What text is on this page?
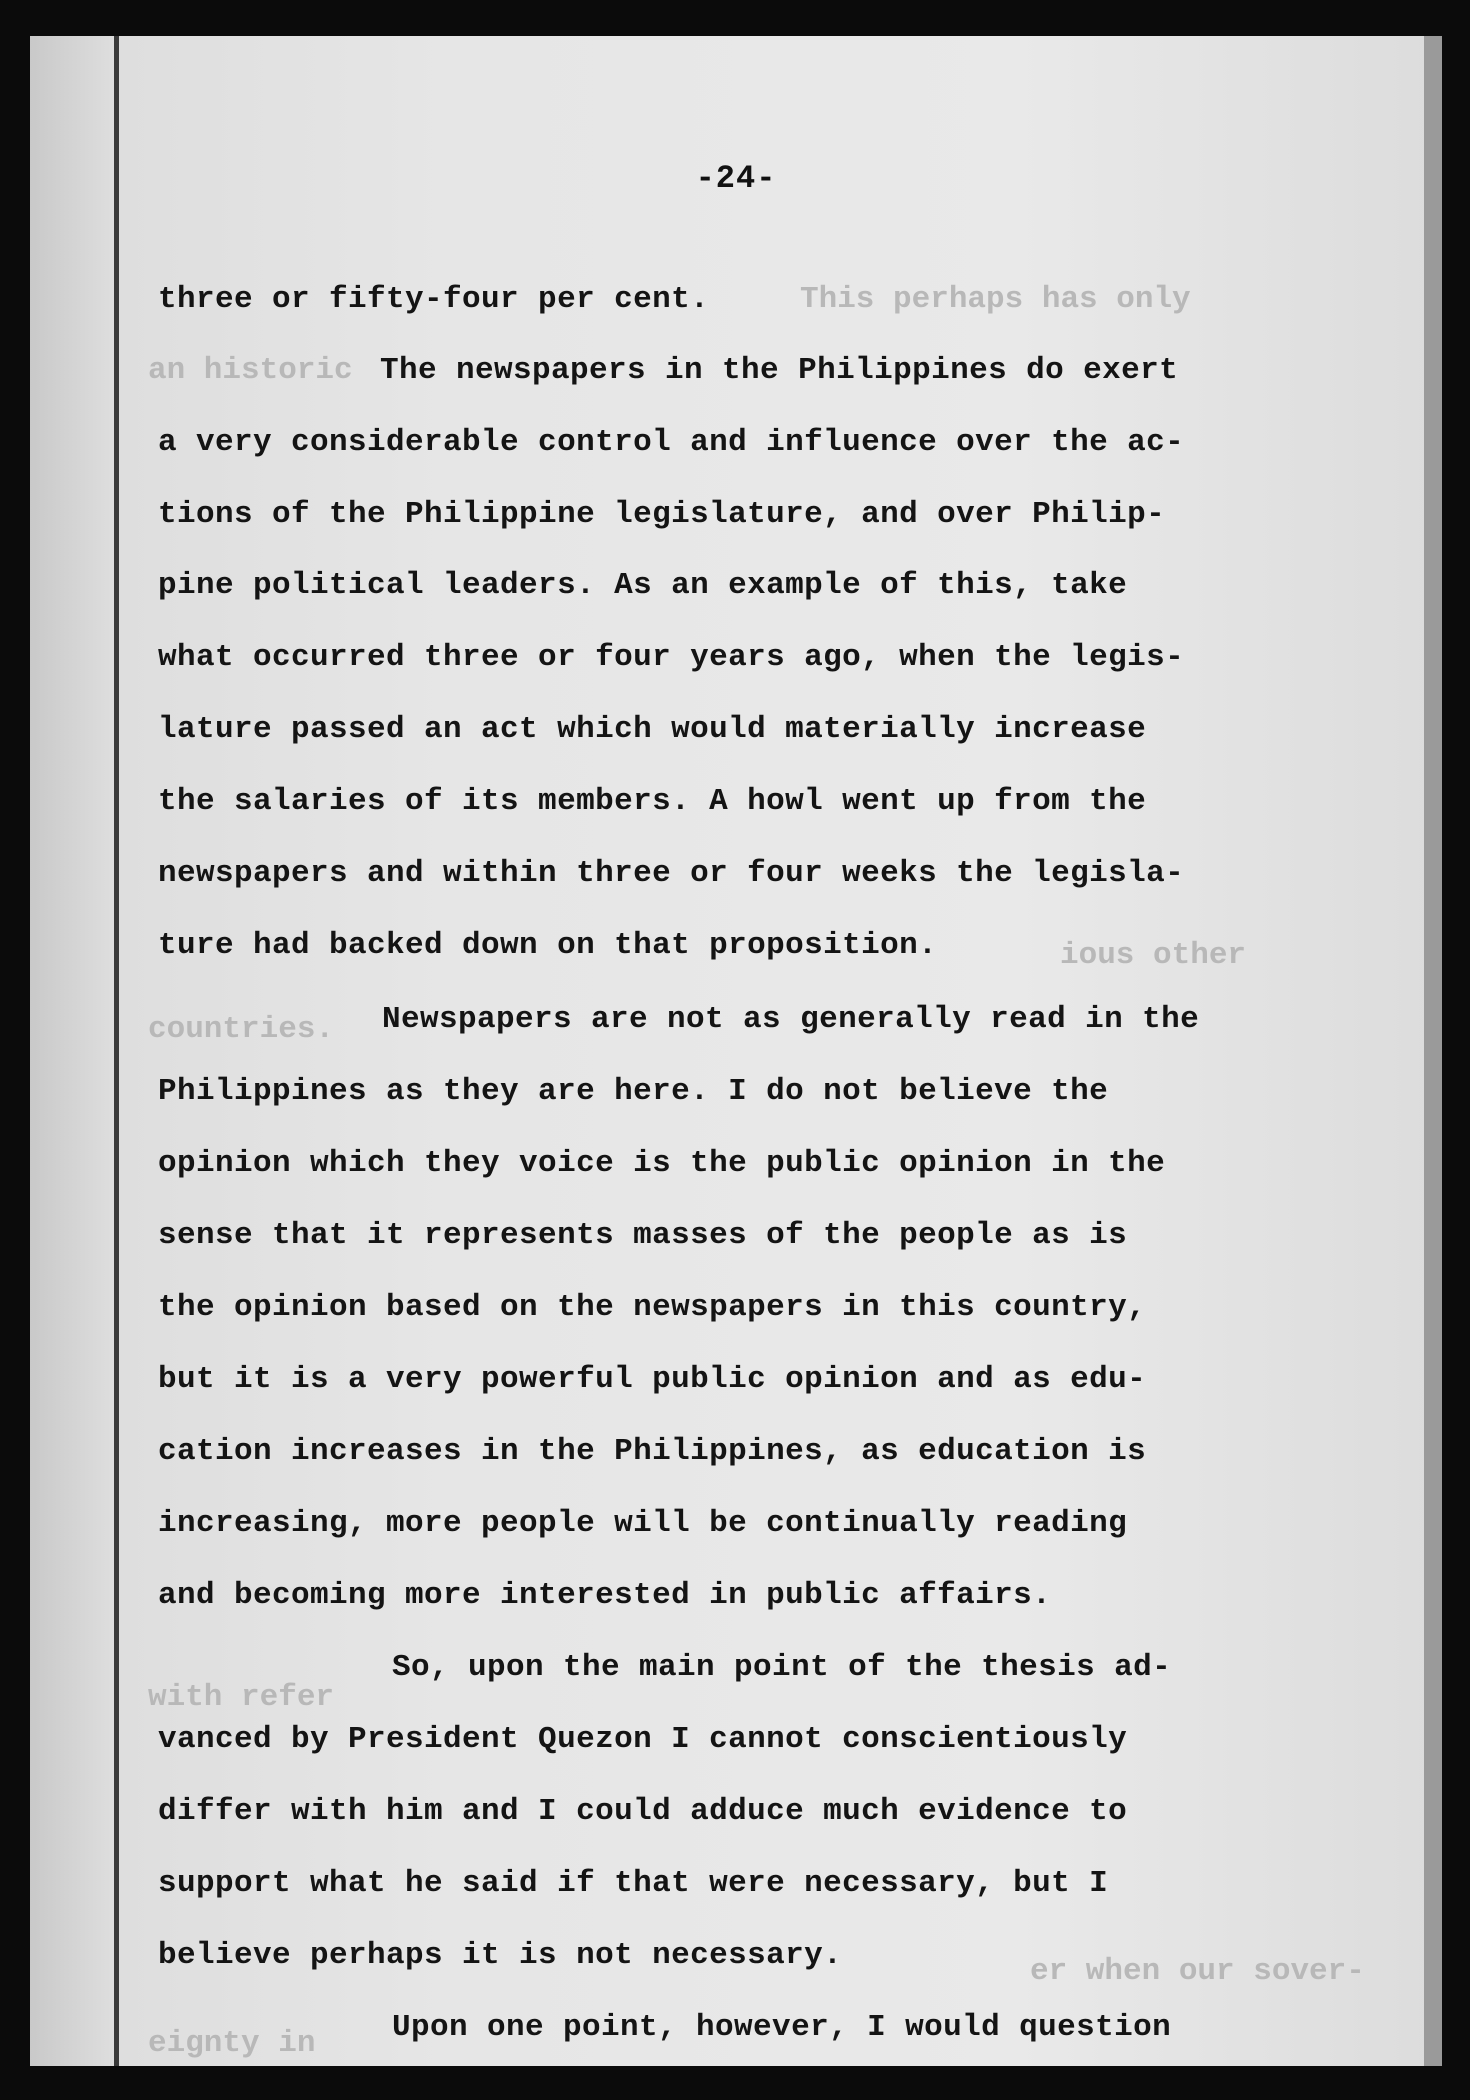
This perhaps has only
an historic
ious other
countries.
with refer
er when our sover-
eignty in
-24-
three or fifty-four per cent.
The newspapers in the Philippines do exert
a very considerable control and influence over the ac-
tions of the Philippine legislature, and over Philip-
pine political leaders. As an example of this, take
what occurred three or four years ago, when the legis-
lature passed an act which would materially increase
the salaries of its members. A howl went up from the
newspapers and within three or four weeks the legisla-
ture had backed down on that proposition.
Newspapers are not as generally read in the
Philippines as they are here. I do not believe the
opinion which they voice is the public opinion in the
sense that it represents masses of the people as is
the opinion based on the newspapers in this country,
but it is a very powerful public opinion and as edu-
cation increases in the Philippines, as education is
increasing, more people will be continually reading
and becoming more interested in public affairs.
So, upon the main point of the thesis ad-
vanced by President Quezon I cannot conscientiously
differ with him and I could adduce much evidence to
support what he said if that were necessary, but I
believe perhaps it is not necessary.
Upon one point, however, I would question
